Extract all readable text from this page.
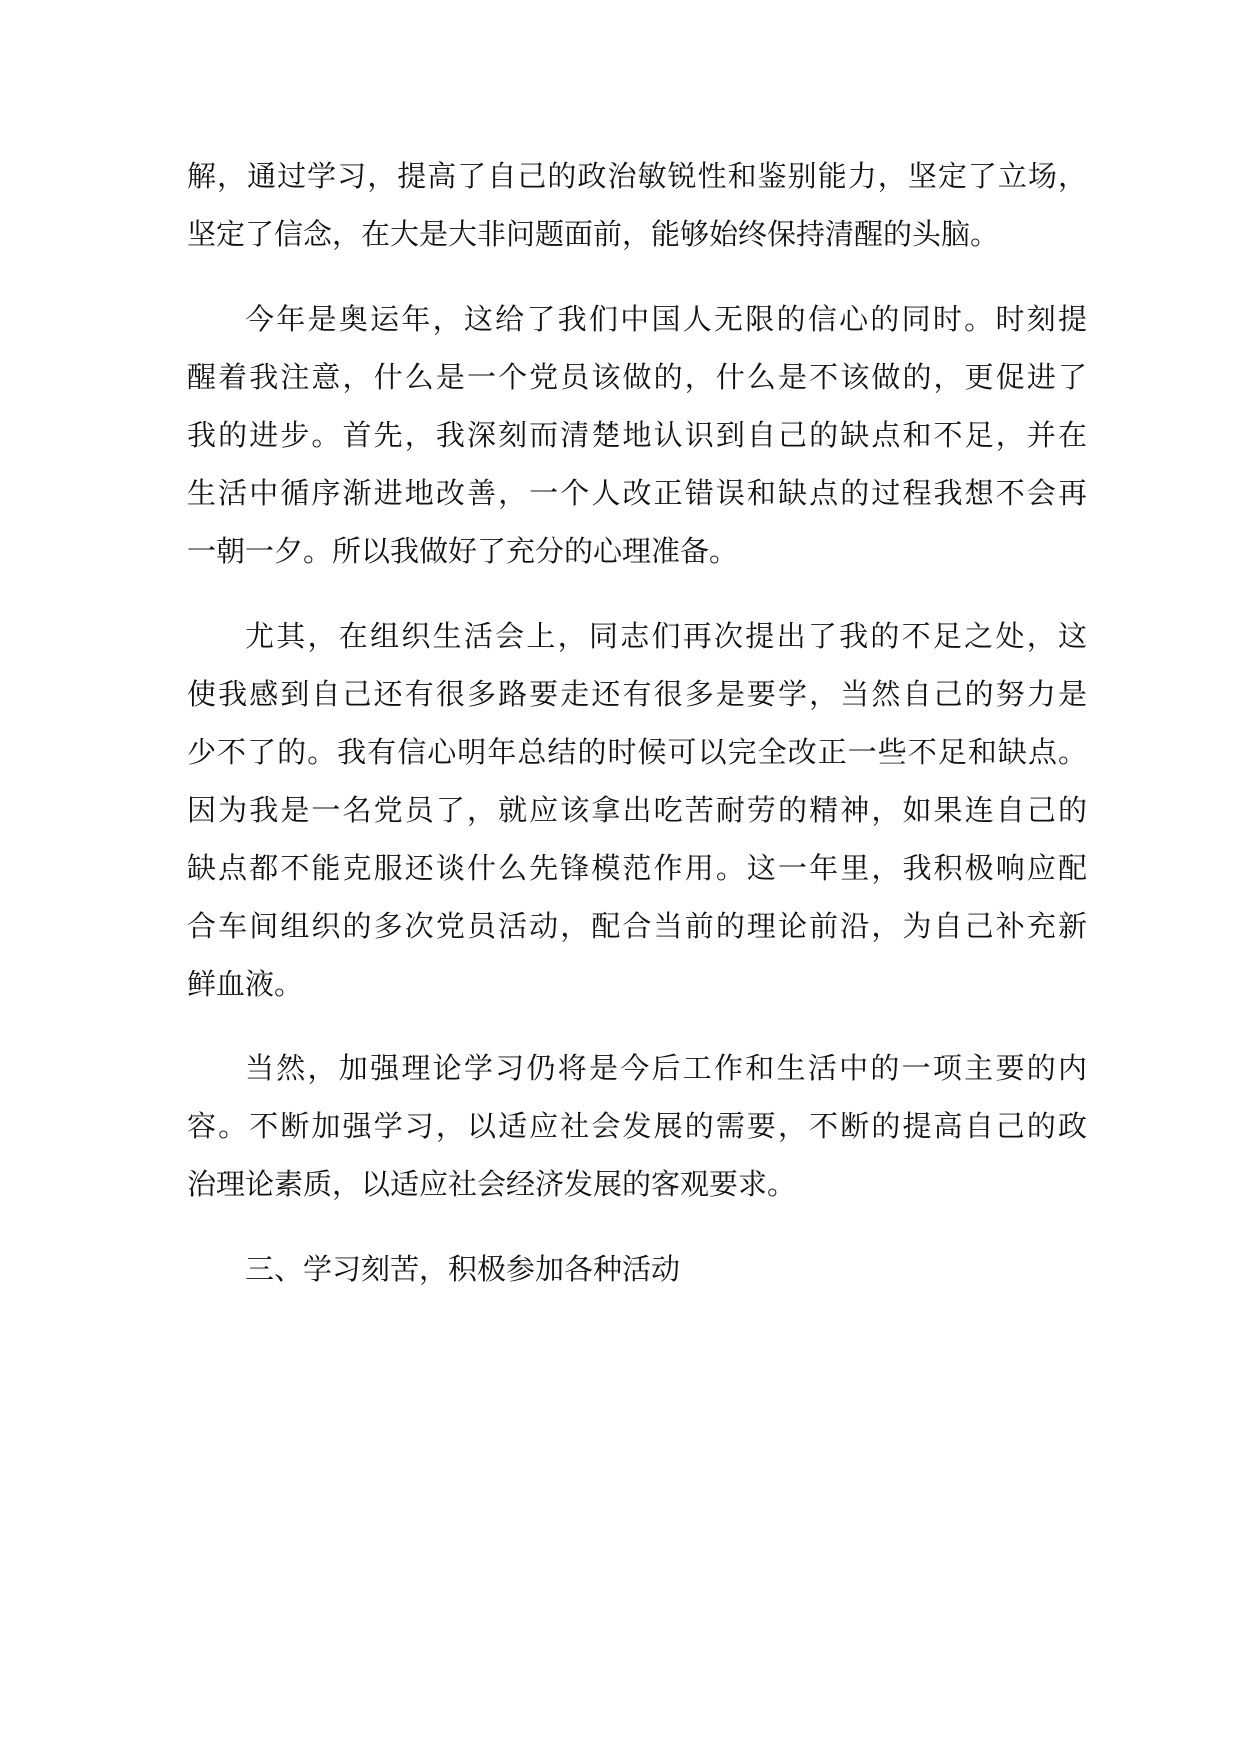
解，通过学习，提高了自己的政治敏锐性和鉴别能力，坚定了立场，
坚定了信念，在大是大非问题面前，能够始终保持清醒的头脑。
今年是奥运年，这给了我们中国人无限的信心的同时。时刻提
醒着我注意，什么是一个党员该做的，什么是不该做的，更促进了
我的进步。首先，我深刻而清楚地认识到自己的缺点和不足，并在
生活中循序渐进地改善，一个人改正错误和缺点的过程我想不会再
一朝一夕。所以我做好了充分的心理准备。
尤其，在组织生活会上，同志们再次提出了我的不足之处，这
使我感到自己还有很多路要走还有很多是要学，当然自己的努力是
少不了的。我有信心明年总结的时候可以完全改正一些不足和缺点。
因为我是一名党员了，就应该拿出吃苦耐劳的精神，如果连自己的
缺点都不能克服还谈什么先锋模范作用。这一年里，我积极响应配
合车间组织的多次党员活动，配合当前的理论前沿，为自己补充新
鲜血液。
当然，加强理论学习仍将是今后工作和生活中的一项主要的内
容。不断加强学习，以适应社会发展的需要，不断的提高自己的政
治理论素质，以适应社会经济发展的客观要求。
三、学习刻苦，积极参加各种活动
